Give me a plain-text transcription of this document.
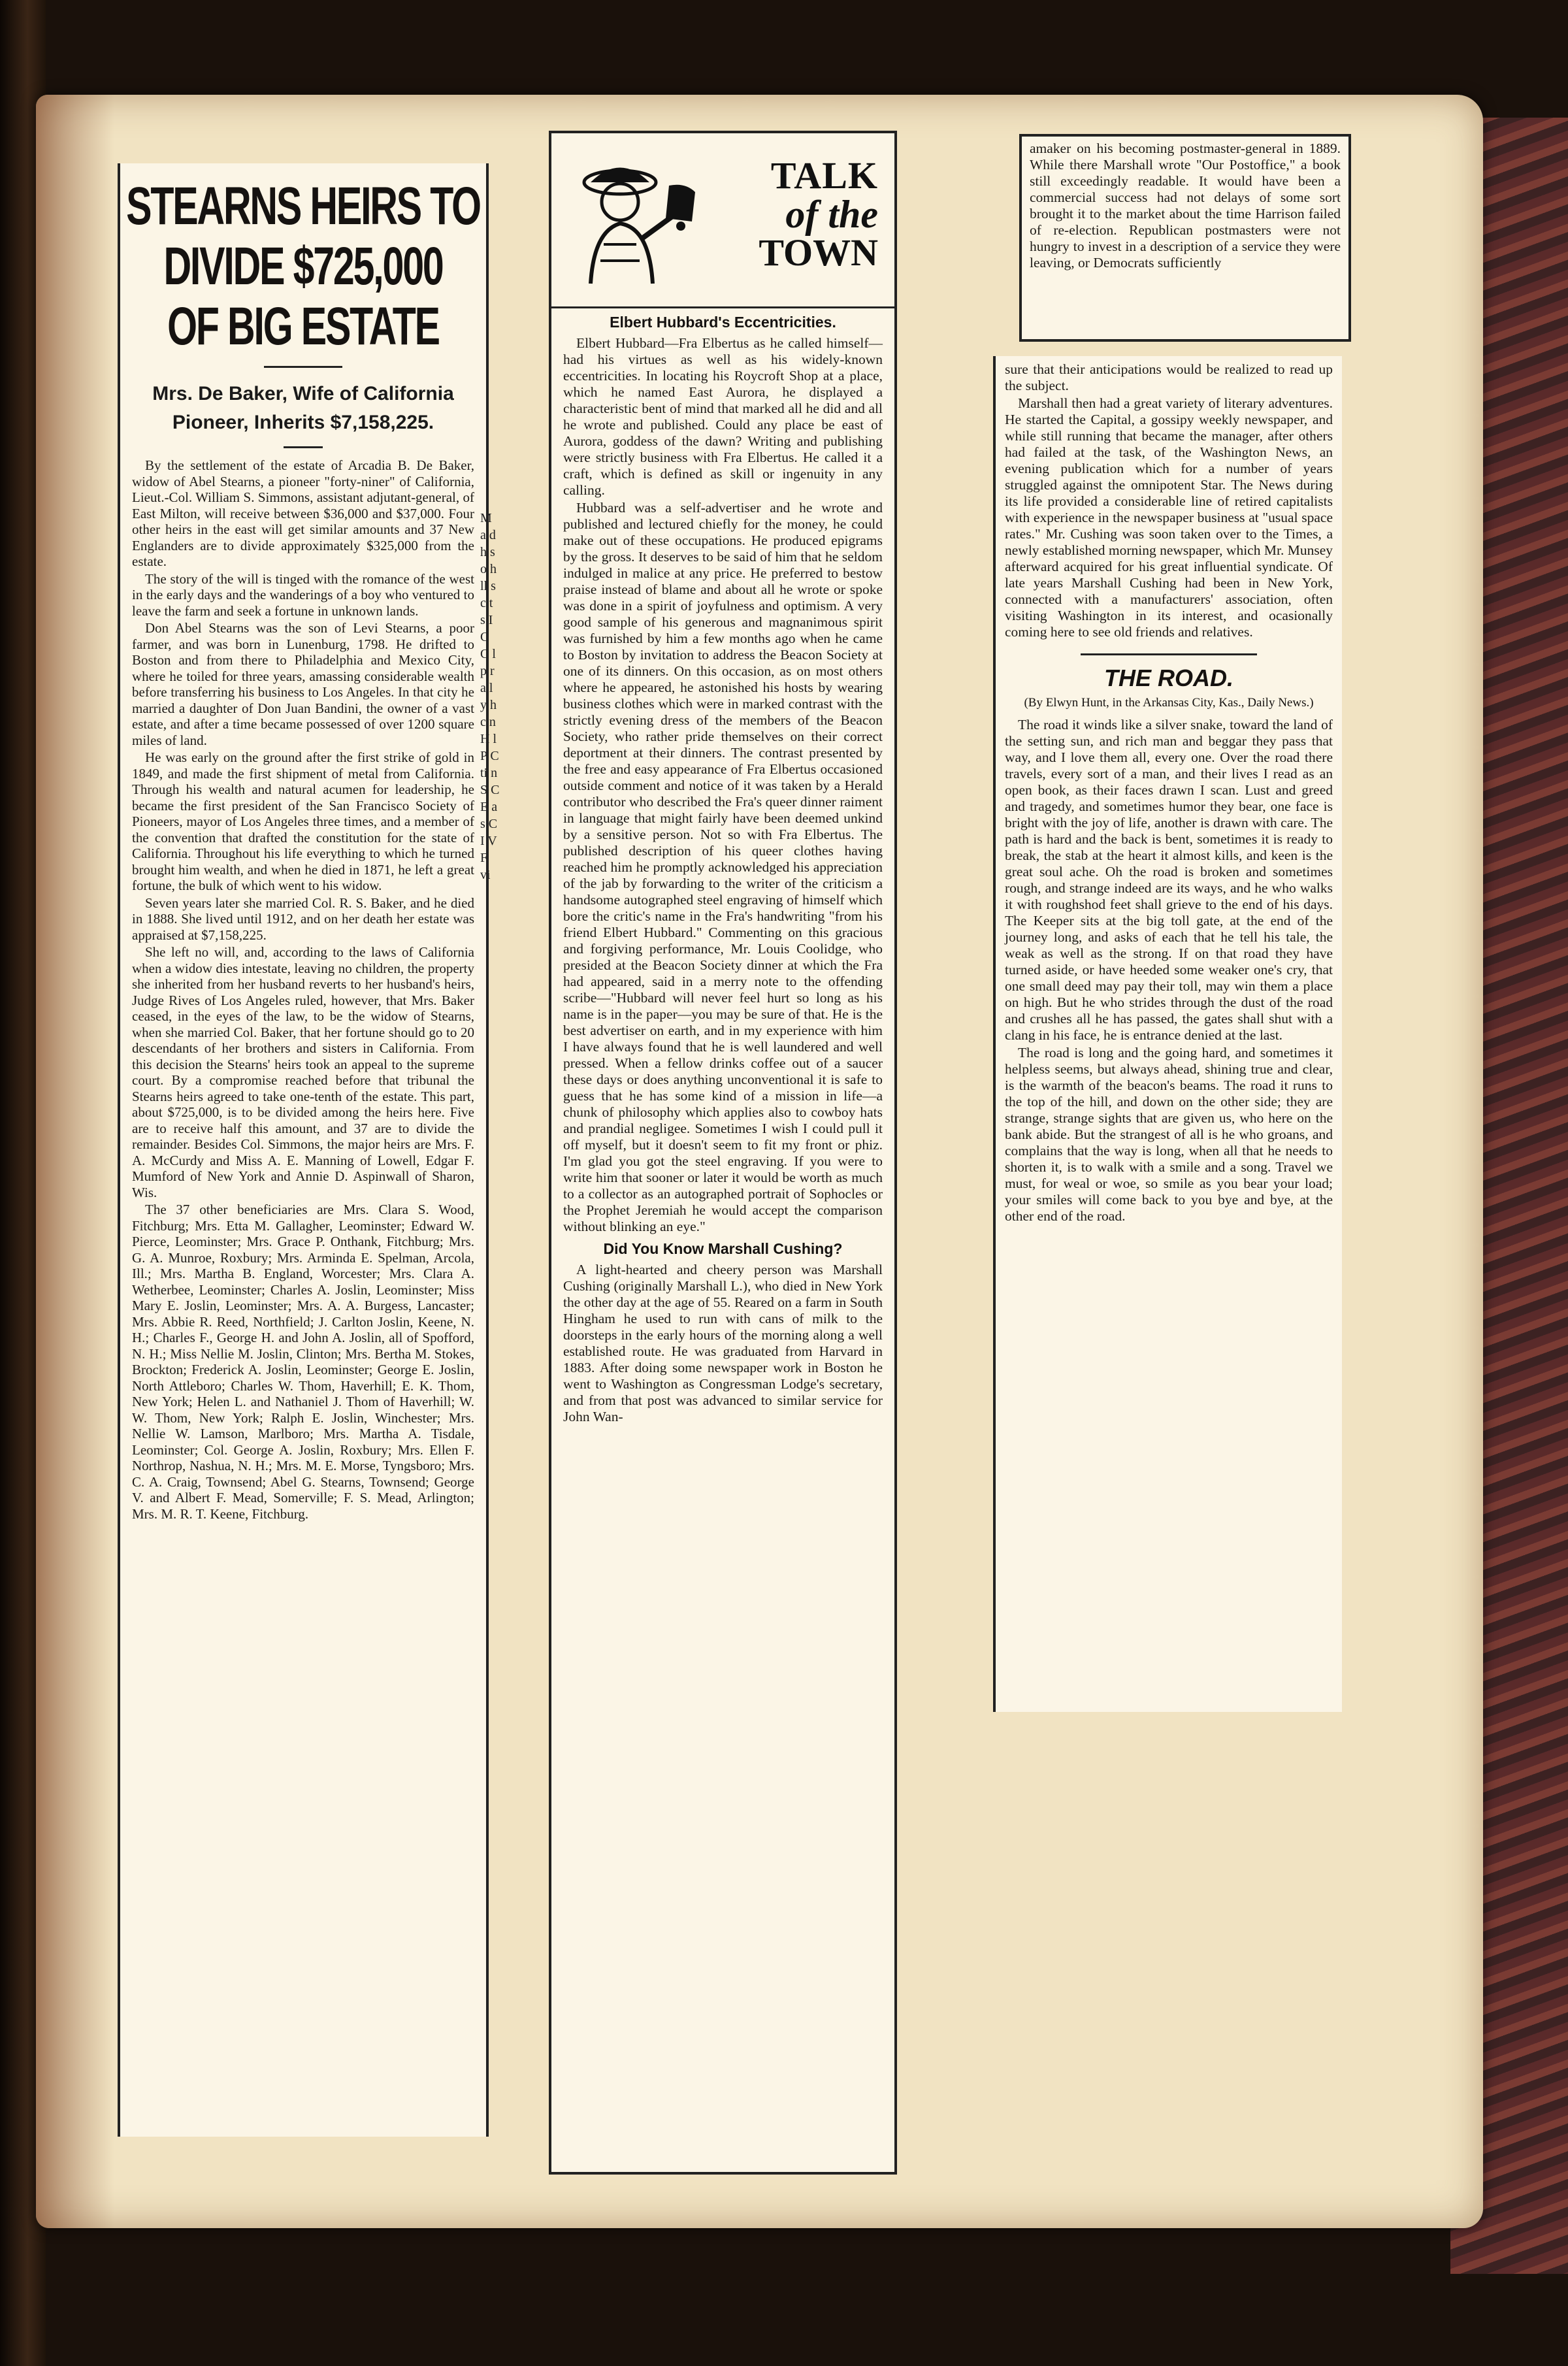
STEARNS HEIRS TO
DIVIDE $725,000
OF BIG ESTATE
Mrs. De Baker, Wife of California Pioneer, Inherits $7,158,225.

By the settlement of the estate of Arcadia B. De Baker, widow of Abel Stearns, a pioneer "forty-niner" of California, Lieut.-Col. William S. Simmons, assistant adjutant-general, of East Milton, will receive between $36,000 and $37,000. Four other heirs in the east will get similar amounts and 37 New Englanders are to divide approximately $325,000 from the estate.

The story of the will is tinged with the romance of the west in the early days and the wanderings of a boy who ventured to leave the farm and seek a fortune in unknown lands.

Don Abel Stearns was the son of Levi Stearns, a poor farmer, and was born in Lunenburg, 1798. He drifted to Boston and from there to Philadelphia and Mexico City, where he toiled for three years, amassing considerable wealth before transferring his business to Los Angeles. In that city he married a daughter of Don Juan Bandini, the owner of a vast estate, and after a time became possessed of over 1200 square miles of land.

He was early on the ground after the first strike of gold in 1849, and made the first shipment of metal from California. Through his wealth and natural acumen for leadership, he became the first president of the San Francisco Society of Pioneers, mayor of Los Angeles three times, and a member of the convention that drafted the constitution for the state of California. Throughout his life everything to which he turned brought him wealth, and when he died in 1871, he left a great fortune, the bulk of which went to his widow.

Seven years later she married Col. R. S. Baker, and he died in 1888. She lived until 1912, and on her death her estate was appraised at $7,158,225.

She left no will, and, according to the laws of California when a widow dies intestate, leaving no children, the property she inherited from her husband reverts to her husband's heirs, Judge Rives of Los Angeles ruled, however, that Mrs. Baker ceased, in the eyes of the law, to be the widow of Stearns, when she married Col. Baker, that her fortune should go to 20 descendants of her brothers and sisters in California. From this decision the Stearns' heirs took an appeal to the supreme court. By a compromise reached before that tribunal the Stearns heirs agreed to take one-tenth of the estate. This part, about $725,000, is to be divided among the heirs here. Five are to receive half this amount, and 37 are to divide the remainder. Besides Col. Simmons, the major heirs are Mrs. F. A. McCurdy and Miss A. E. Manning of Lowell, Edgar F. Mumford of New York and Annie D. Aspinwall of Sharon, Wis.

The 37 other beneficiaries are Mrs. Clara S. Wood, Fitchburg; Mrs. Etta M. Gallagher, Leominster; Edward W. Pierce, Leominster; Mrs. Grace P. Onthank, Fitchburg; Mrs. G. A. Munroe, Roxbury; Mrs. Arminda E. Spelman, Arcola, Ill.; Mrs. Martha B. England, Worcester; Mrs. Clara A. Wetherbee, Leominster; Charles A. Joslin, Leominster; Miss Mary E. Joslin, Leominster; Mrs. A. A. Burgess, Lancaster; Mrs. Abbie R. Reed, Northfield; J. Carlton Joslin, Keene, N. H.; Charles F., George H. and John A. Joslin, all of Spofford, N. H.; Miss Nellie M. Joslin, Clinton; Mrs. Bertha M. Stokes, Brockton; Frederick A. Joslin, Leominster; George E. Joslin, North Attleboro; Charles W. Thom, Haverhill; E. K. Thom, New York; Helen L. and Nathaniel J. Thom of Haverhill; W. W. Thom, New York; Ralph E. Joslin, Winchester; Mrs. Nellie W. Lamson, Marlboro; Mrs. Martha A. Tisdale, Leominster; Col. George A. Joslin, Roxbury; Mrs. Ellen F. Northrop, Nashua, N. H.; Mrs. M. E. Morse, Tyngsboro; Mrs. C. A. Craig, Townsend; Abel G. Stearns, Townsend; George V. and Albert F. Mead, Somerville; F. S. Mead, Arlington; Mrs. M. R. T. Keene, Fitchburg.

M a d h s o h ll s c t s I C C l p r a l y h c n H l P C ti n S C E a s C I V F vi
TALK
of the
TOWN
Elbert Hubbard's Eccentricities.

Elbert Hubbard—Fra Elbertus as he called himself—had his virtues as well as his widely-known eccentricities. In locating his Roycroft Shop at a place, which he named East Aurora, he displayed a characteristic bent of mind that marked all he did and all he wrote and published. Could any place be east of Aurora, goddess of the dawn? Writing and publishing were strictly business with Fra Elbertus. He called it a craft, which is defined as skill or ingenuity in any calling.

Hubbard was a self-advertiser and he wrote and published and lectured chiefly for the money, he could make out of these occupations. He produced epigrams by the gross. It deserves to be said of him that he seldom indulged in malice at any price. He preferred to bestow praise instead of blame and about all he wrote or spoke was done in a spirit of joyfulness and optimism. A very good sample of his generous and magnanimous spirit was furnished by him a few months ago when he came to Boston by invitation to address the Beacon Society at one of its dinners. On this occasion, as on most others where he appeared, he astonished his hosts by wearing business clothes which were in marked contrast with the strictly evening dress of the members of the Beacon Society, who rather pride themselves on their correct deportment at their dinners. The contrast presented by the free and easy appearance of Fra Elbertus occasioned outside comment and notice of it was taken by a Herald contributor who described the Fra's queer dinner raiment in language that might fairly have been deemed unkind by a sensitive person. Not so with Fra Elbertus. The published description of his queer clothes having reached him he promptly acknowledged his appreciation of the jab by forwarding to the writer of the criticism a handsome autographed steel engraving of himself which bore the critic's name in the Fra's handwriting "from his friend Elbert Hubbard." Commenting on this gracious and forgiving performance, Mr. Louis Coolidge, who presided at the Beacon Society dinner at which the Fra had appeared, said in a merry note to the offending scribe—"Hubbard will never feel hurt so long as his name is in the paper—you may be sure of that. He is the best advertiser on earth, and in my experience with him I have always found that he is well laundered and well pressed. When a fellow drinks coffee out of a saucer these days or does anything unconventional it is safe to guess that he has some kind of a mission in life—a chunk of philosophy which applies also to cowboy hats and prandial negligee. Sometimes I wish I could pull it off myself, but it doesn't seem to fit my front or phiz. I'm glad you got the steel engraving. If you were to write him that sooner or later it would be worth as much to a collector as an autographed portrait of Sophocles or the Prophet Jeremiah he would accept the comparison without blinking an eye."

Did You Know Marshall Cushing?

A light-hearted and cheery person was Marshall Cushing (originally Marshall L.), who died in New York the other day at the age of 55. Reared on a farm in South Hingham he used to run with cans of milk to the doorsteps in the early hours of the morning along a well established route. He was graduated from Harvard in 1883. After doing some newspaper work in Boston he went to Washington as Congressman Lodge's secretary, and from that post was advanced to similar service for John Wan-

amaker on his becoming postmaster-general in 1889. While there Marshall wrote "Our Postoffice," a book still exceedingly readable. It would have been a commercial success had not delays of some sort brought it to the market about the time Harrison failed of re-election. Republican postmasters were not hungry to invest in a description of a service they were leaving, or Democrats sufficiently

sure that their anticipations would be realized to read up the subject.

Marshall then had a great variety of literary adventures. He started the Capital, a gossipy weekly newspaper, and while still running that became the manager, after others had failed at the task, of the Washington News, an evening publication which for a number of years struggled against the omnipotent Star. The News during its life provided a considerable line of retired capitalists with experience in the newspaper business at "usual space rates." Mr. Cushing was soon taken over to the Times, a newly established morning newspaper, which Mr. Munsey afterward acquired for his great influential syndicate. Of late years Marshall Cushing had been in New York, connected with a manufacturers' association, often visiting Washington in its interest, and ocasionally coming here to see old friends and relatives.

THE ROAD.
(By Elwyn Hunt, in the Arkansas City, Kas., Daily News.)

The road it winds like a silver snake, toward the land of the setting sun, and rich man and beggar they pass that way, and I love them all, every one. Over the road there travels, every sort of a man, and their lives I read as an open book, as their faces drawn I scan. Lust and greed and tragedy, and sometimes humor they bear, one face is bright with the joy of life, another is drawn with care. The path is hard and the back is bent, sometimes it is ready to break, the stab at the heart it almost kills, and keen is the great soul ache. Oh the road is broken and sometimes rough, and strange indeed are its ways, and he who walks it with roughshod feet shall grieve to the end of his days. The Keeper sits at the big toll gate, at the end of the journey long, and asks of each that he tell his tale, the weak as well as the strong. If on that road they have turned aside, or have heeded some weaker one's cry, that one small deed may pay their toll, may win them a place on high. But he who strides through the dust of the road and crushes all he has passed, the gates shall shut with a clang in his face, he is entrance denied at the last.

The road is long and the going hard, and sometimes it helpless seems, but always ahead, shining true and clear, is the warmth of the beacon's beams. The road it runs to the top of the hill, and down on the other side; they are strange, strange sights that are given us, who here on the bank abide. But the strangest of all is he who groans, and complains that the way is long, when all that he needs to shorten it, is to walk with a smile and a song. Travel we must, for weal or woe, so smile as you bear your load; your smiles will come back to you bye and bye, at the other end of the road.
